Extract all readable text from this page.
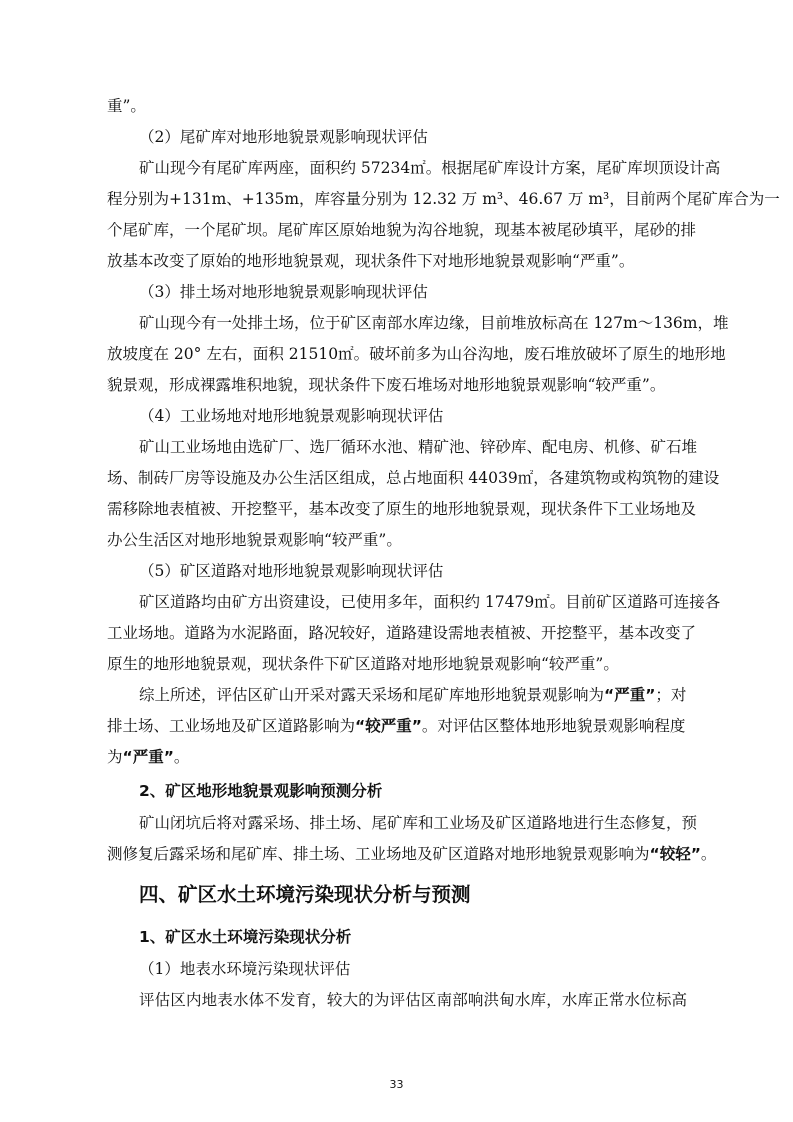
重”。
（2）尾矿库对地形地貌景观影响现状评估
矿山现今有尾矿库两座，面积约 57234㎡。根据尾矿库设计方案，尾矿库坝顶设计高
程分别为+131m、+135m，库容量分别为 12.32 万 m³、46.67 万 m³，目前两个尾矿库合为一
个尾矿库，一个尾矿坝。尾矿库区原始地貌为沟谷地貌，现基本被尾砂填平，尾砂的排
放基本改变了原始的地形地貌景观，现状条件下对地形地貌景观影响“严重”。
（3）排土场对地形地貌景观影响现状评估
矿山现今有一处排土场，位于矿区南部水库边缘，目前堆放标高在 127m～136m，堆
放坡度在 20° 左右，面积 21510㎡。破坏前多为山谷沟地，废石堆放破坏了原生的地形地
貌景观，形成裸露堆积地貌，现状条件下废石堆场对地形地貌景观影响“较严重”。
（4）工业场地对地形地貌景观影响现状评估
矿山工业场地由选矿厂、选厂循环水池、精矿池、锌砂库、配电房、机修、矿石堆
场、制砖厂房等设施及办公生活区组成，总占地面积 44039㎡，各建筑物或构筑物的建设
需移除地表植被、开挖整平，基本改变了原生的地形地貌景观，现状条件下工业场地及
办公生活区对地形地貌景观影响“较严重”。
（5）矿区道路对地形地貌景观影响现状评估
矿区道路均由矿方出资建设，已使用多年，面积约 17479㎡。目前矿区道路可连接各
工业场地。道路为水泥路面，路况较好，道路建设需地表植被、开挖整平，基本改变了
原生的地形地貌景观，现状条件下矿区道路对地形地貌景观影响“较严重”。
综上所述，评估区矿山开采对露天采场和尾矿库地形地貌景观影响为“严重”；对
排土场、工业场地及矿区道路影响为“较严重”。对评估区整体地形地貌景观影响程度
为“严重”。
2、矿区地形地貌景观影响预测分析
矿山闭坑后将对露采场、排土场、尾矿库和工业场及矿区道路地进行生态修复，预
测修复后露采场和尾矿库、排土场、工业场地及矿区道路对地形地貌景观影响为“较轻”。
四、矿区水土环境污染现状分析与预测
1、矿区水土环境污染现状分析
（1）地表水环境污染现状评估
评估区内地表水体不发育，较大的为评估区南部响洪甸水库，水库正常水位标高
33
